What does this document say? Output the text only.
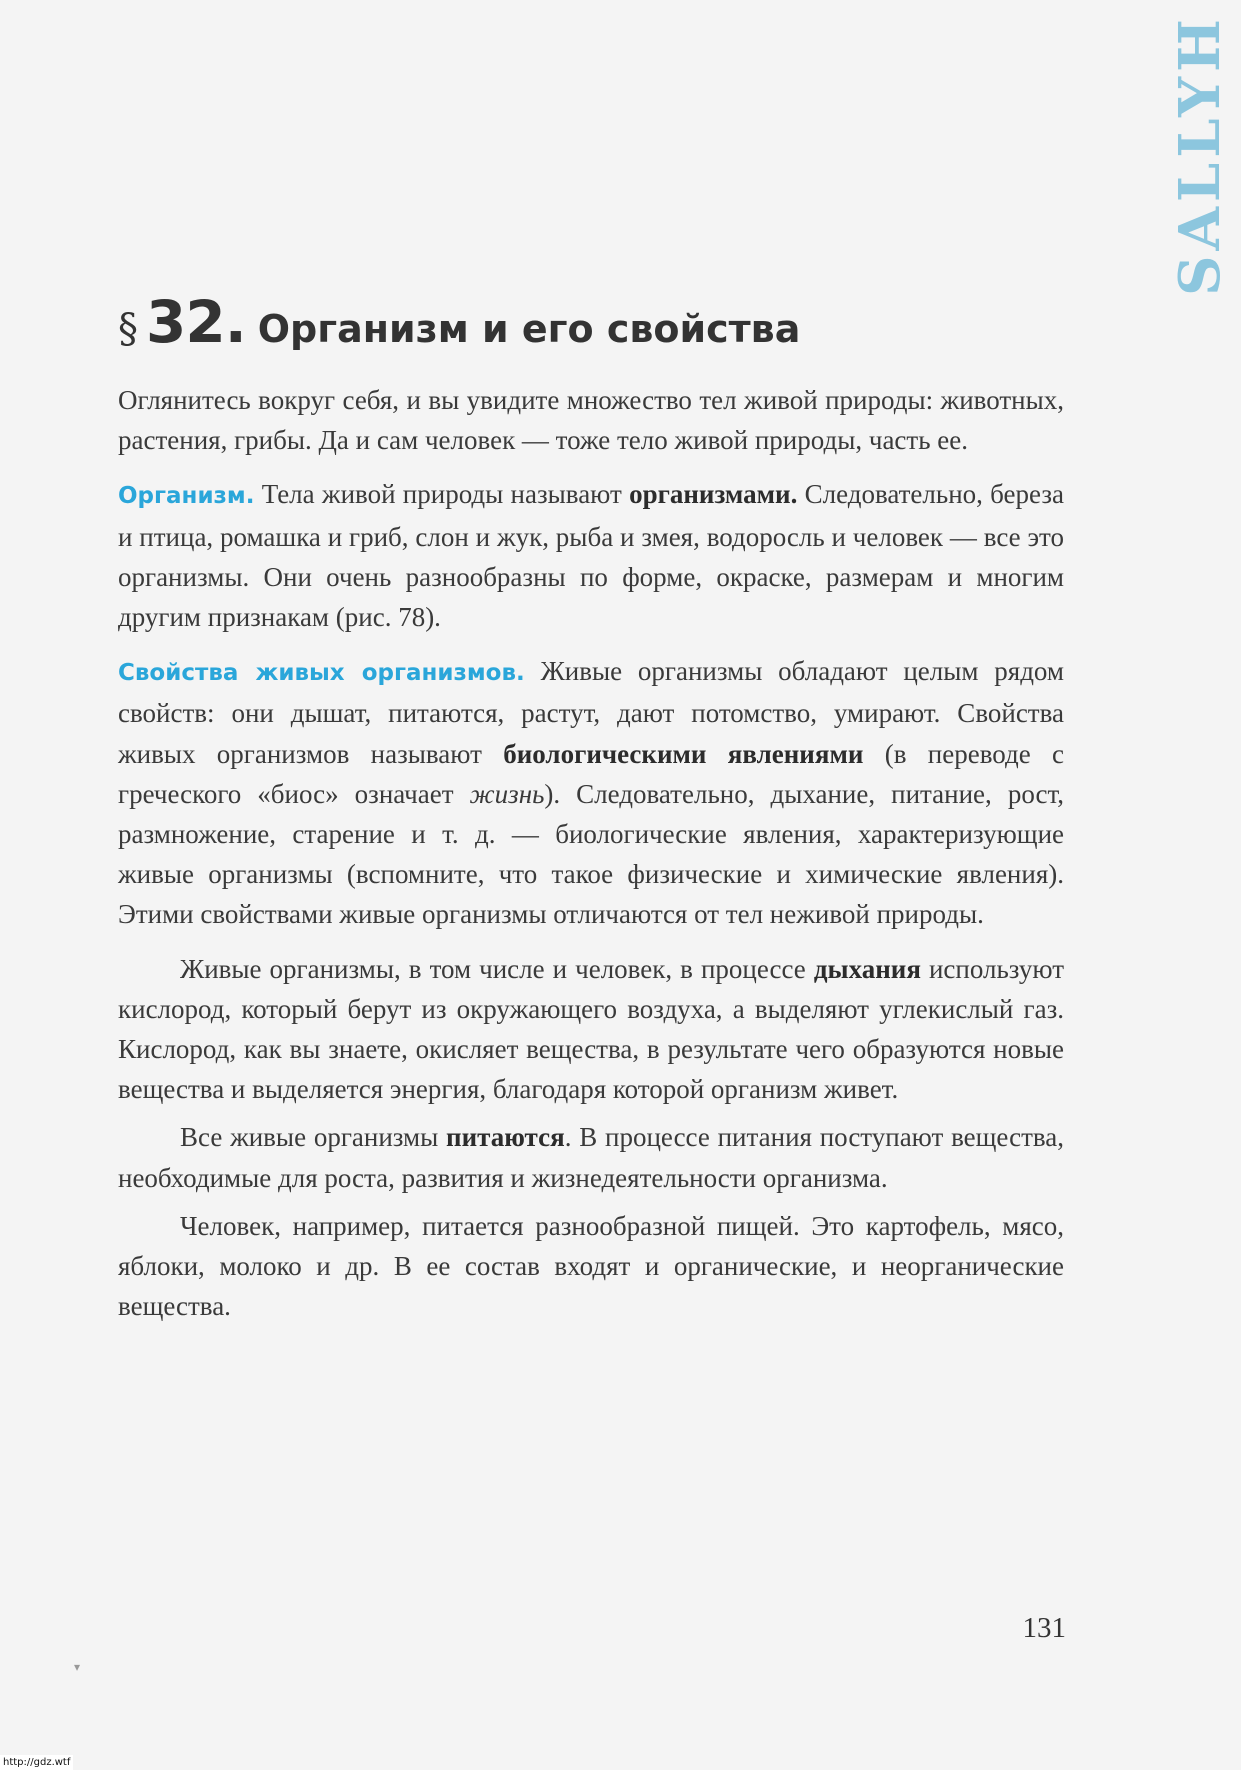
SALLYH
§ 32. Организм и его свойства

Оглянитесь вокруг себя, и вы увидите множество тел живой природы: животных, растения, грибы. Да и сам человек — тоже тело живой природы, часть ее.

Организм. Тела живой природы называют организмами. Следовательно, береза и птица, ромашка и гриб, слон и жук, рыба и змея, водоросль и человек — все это организмы. Они очень разнообразны по форме, окраске, размерам и многим другим признакам (рис. 78).

Свойства живых организмов. Живые организмы обладают целым рядом свойств: они дышат, питаются, растут, дают потомство, умирают. Свойства живых организмов называют биологическими явлениями (в переводе с греческого «биос» означает жизнь). Следовательно, дыхание, питание, рост, размножение, старение и т. д. — биологические явления, характеризующие живые организмы (вспомните, что такое физические и химические явления). Этими свойствами живые организмы отличаются от тел неживой природы.

Живые организмы, в том числе и человек, в процессе дыхания используют кислород, который берут из окружающего воздуха, а выделяют углекислый газ. Кислород, как вы знаете, окисляет вещества, в результате чего образуются новые вещества и выделяется энергия, благодаря которой организм живет.

Все живые организмы питаются. В процессе питания поступают вещества, необходимые для роста, развития и жизнедеятельности организма.

Человек, например, питается разнообразной пищей. Это картофель, мясо, яблоки, молоко и др. В ее состав входят и органические, и неорганические вещества.

131
▾
http://gdz.wtf
